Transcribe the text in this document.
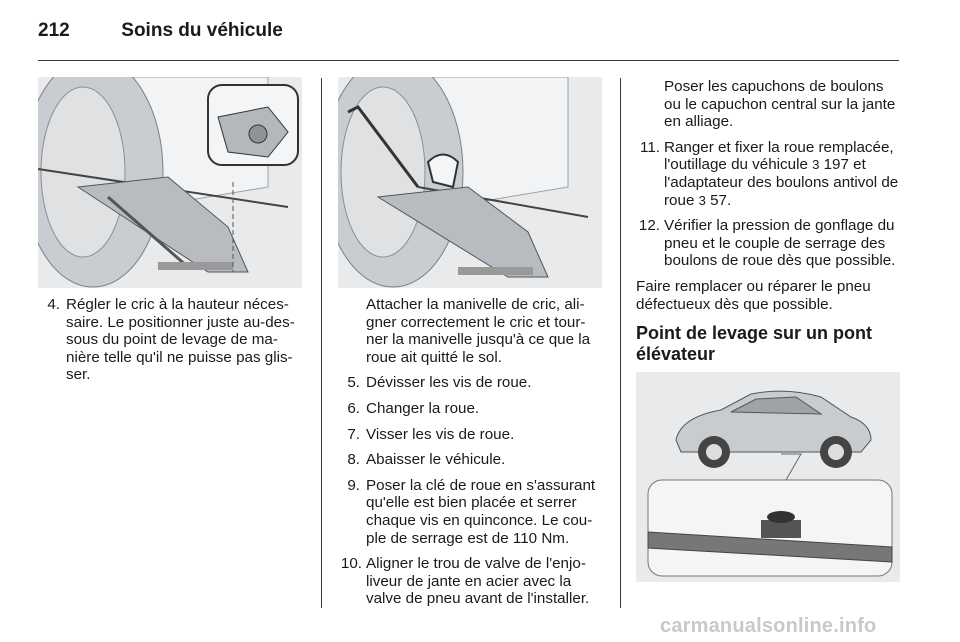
212	Soins du véhicule
4. Régler le cric à la hauteur néces-saire. Le positionner juste au-des-sous du point de levage de ma-nière telle qu'il ne puisse pas glis-ser.

Attacher la manivelle de cric, ali-gner correctement le cric et tour-ner la manivelle jusqu'à ce que la roue ait quitté le sol.

5. Dévisser les vis de roue.
6. Changer la roue.
7. Visser les vis de roue.
8. Abaisser le véhicule.
9. Poser la clé de roue en s'assurant qu'elle est bien placée et serrer chaque vis en quinconce. Le cou-ple de serrage est de 110 Nm.
10. Aligner le trou de valve de l'enjo-liveur de jante en acier avec la valve de pneu avant de l'installer.

Poser les capuchons de boulons ou le capuchon central sur la jante en alliage.

11. Ranger et fixer la roue remplacée, l'outillage du véhicule 3 197 et l'adaptateur des boulons antivol de roue 3 57.
12. Vérifier la pression de gonflage du pneu et le couple de serrage des boulons de roue dès que possible.

Faire remplacer ou réparer le pneu défectueux dès que possible.

Point de levage sur un pont élévateur
carmanualsonline.info
